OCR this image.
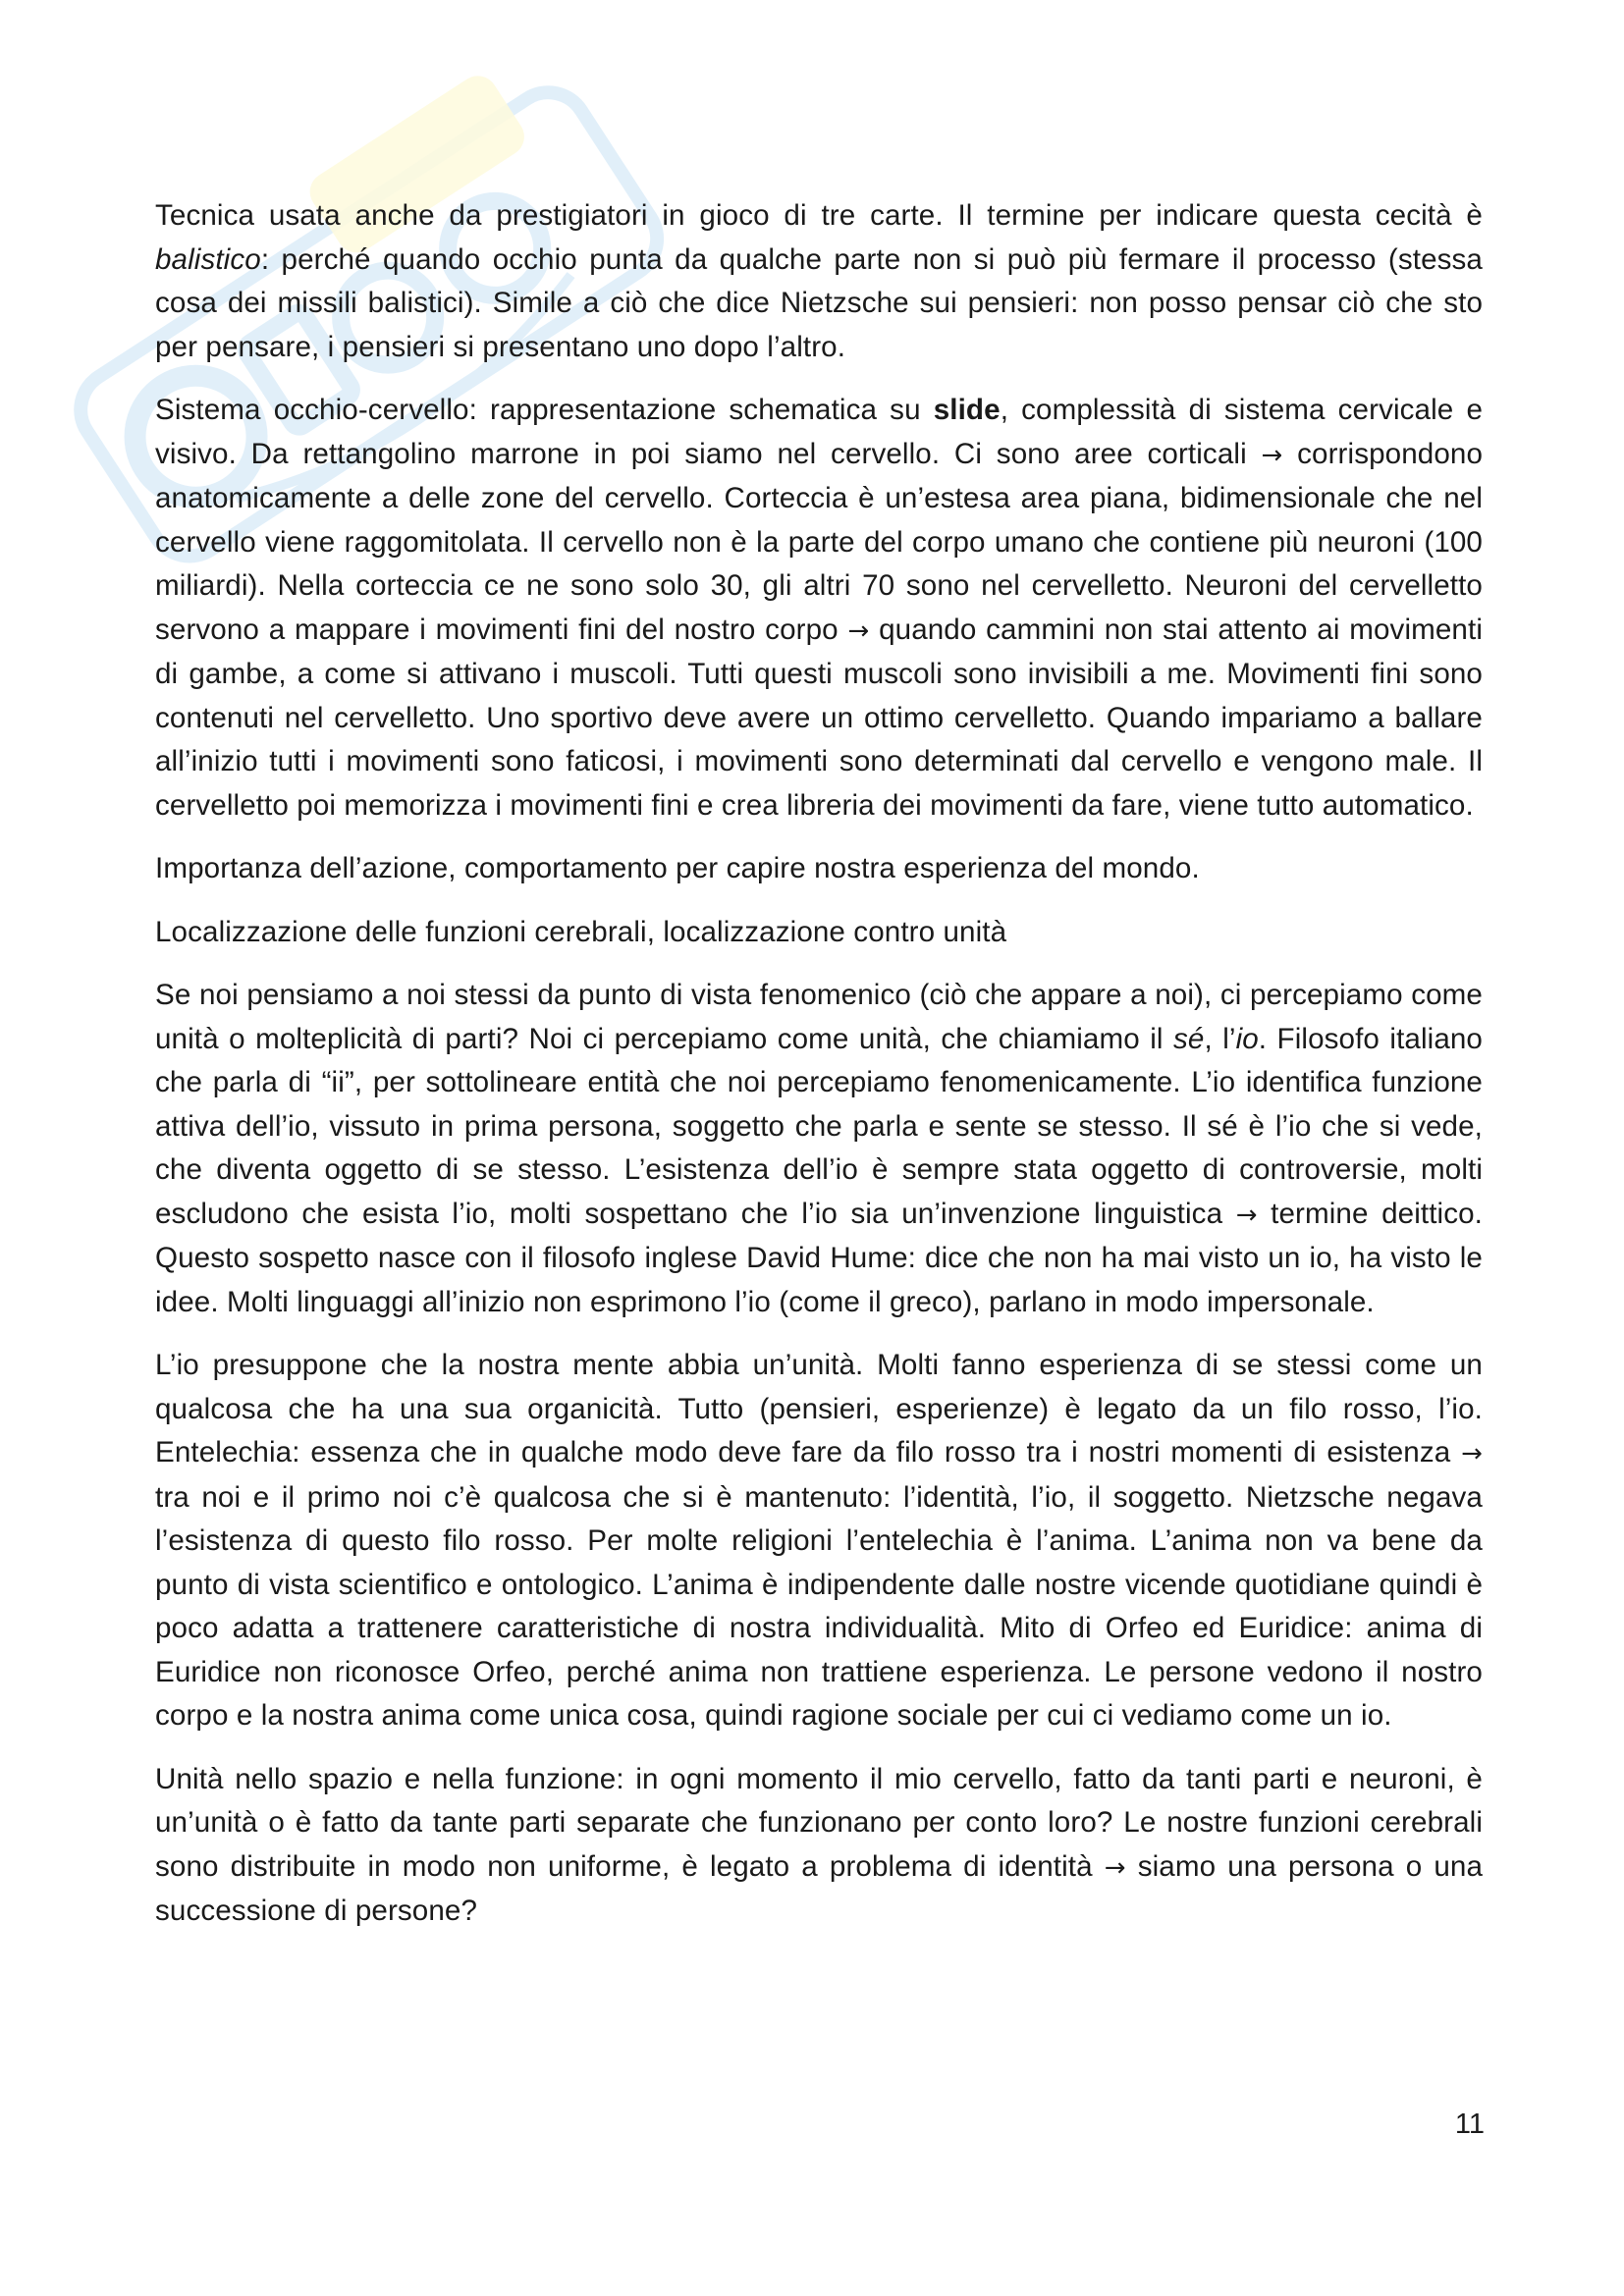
Tecnica usata anche da prestigiatori in gioco di tre carte. Il termine per indicare questa cecità è balistico: perché quando occhio punta da qualche parte non si può più fermare il processo (stessa cosa dei missili balistici). Simile a ciò che dice Nietzsche sui pensieri: non posso pensar ciò che sto per pensare, i pensieri si presentano uno dopo l’altro.

Sistema occhio-cervello: rappresentazione schematica su slide, complessità di sistema cervicale e visivo. Da rettangolino marrone in poi siamo nel cervello. Ci sono aree corticali → corrispondono anatomicamente a delle zone del cervello. Corteccia è un’estesa area piana, bidimensionale che nel cervello viene raggomitolata. Il cervello non è la parte del corpo umano che contiene più neuroni (100 miliardi). Nella corteccia ce ne sono solo 30, gli altri 70 sono nel cervelletto. Neuroni del cervelletto servono a mappare i movimenti fini del nostro corpo → quando cammini non stai attento ai movimenti di gambe, a come si attivano i muscoli. Tutti questi muscoli sono invisibili a me. Movimenti fini sono contenuti nel cervelletto. Uno sportivo deve avere un ottimo cervelletto. Quando impariamo a ballare all’inizio tutti i movimenti sono faticosi, i movimenti sono determinati dal cervello e vengono male. Il cervelletto poi memorizza i movimenti fini e crea libreria dei movimenti da fare, viene tutto automatico.

Importanza dell’azione, comportamento per capire nostra esperienza del mondo.

Localizzazione delle funzioni cerebrali, localizzazione contro unità

Se noi pensiamo a noi stessi da punto di vista fenomenico (ciò che appare a noi), ci percepiamo come unità o molteplicità di parti? Noi ci percepiamo come unità, che chiamiamo il sé, l’io. Filosofo italiano che parla di “ii”, per sottolineare entità che noi percepiamo fenomenicamente. L’io identifica funzione attiva dell’io, vissuto in prima persona, soggetto che parla e sente se stesso. Il sé è l’io che si vede, che diventa oggetto di se stesso. L’esistenza dell’io è sempre stata oggetto di controversie, molti escludono che esista l’io, molti sospettano che l’io sia un’invenzione linguistica → termine deittico. Questo sospetto nasce con il filosofo inglese David Hume: dice che non ha mai visto un io, ha visto le idee. Molti linguaggi all’inizio non esprimono l’io (come il greco), parlano in modo impersonale.

L’io presuppone che la nostra mente abbia un’unità. Molti fanno esperienza di se stessi come un qualcosa che ha una sua organicità. Tutto (pensieri, esperienze) è legato da un filo rosso, l’io. Entelechia: essenza che in qualche modo deve fare da filo rosso tra i nostri momenti di esistenza → tra noi e il primo noi c’è qualcosa che si è mantenuto: l’identità, l’io, il soggetto. Nietzsche negava l’esistenza di questo filo rosso. Per molte religioni l’entelechia è l’anima. L’anima non va bene da punto di vista scientifico e ontologico. L’anima è indipendente dalle nostre vicende quotidiane quindi è poco adatta a trattenere caratteristiche di nostra individualità. Mito di Orfeo ed Euridice: anima di Euridice non riconosce Orfeo, perché anima non trattiene esperienza. Le persone vedono il nostro corpo e la nostra anima come unica cosa, quindi ragione sociale per cui ci vediamo come un io.

Unità nello spazio e nella funzione: in ogni momento il mio cervello, fatto da tanti parti e neuroni, è un’unità o è fatto da tante parti separate che funzionano per conto loro? Le nostre funzioni cerebrali sono distribuite in modo non uniforme, è legato a problema di identità → siamo una persona o una successione di persone?

11
